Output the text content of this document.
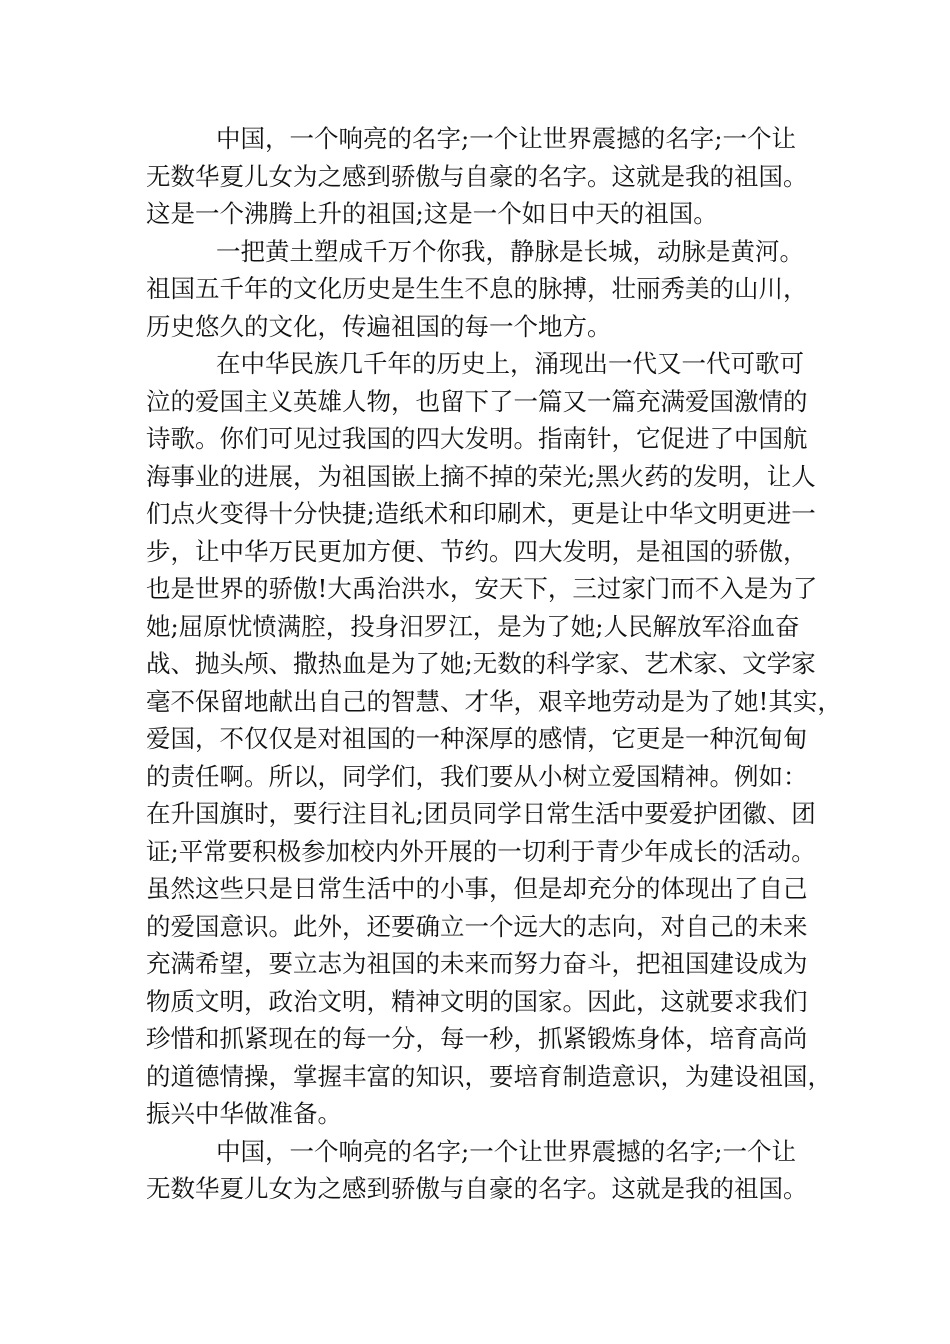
中国，一个响亮的名字;一个让世界震撼的名字;一个让
无数华夏儿女为之感到骄傲与自豪的名字。这就是我的祖国。
这是一个沸腾上升的祖国;这是一个如日中天的祖国。
一把黄土塑成千万个你我，静脉是长城，动脉是黄河。
祖国五千年的文化历史是生生不息的脉搏，壮丽秀美的山川，
历史悠久的文化，传遍祖国的每一个地方。
在中华民族几千年的历史上，涌现出一代又一代可歌可
泣的爱国主义英雄人物，也留下了一篇又一篇充满爱国激情的
诗歌。你们可见过我国的四大发明。指南针，它促进了中国航
海事业的进展，为祖国嵌上摘不掉的荣光;黑火药的发明，让人
们点火变得十分快捷;造纸术和印刷术，更是让中华文明更进一
步，让中华万民更加方便、节约。四大发明，是祖国的骄傲，
也是世界的骄傲!大禹治洪水，安天下，三过家门而不入是为了
她;屈原忧愤满腔，投身汨罗江，是为了她;人民解放军浴血奋
战、抛头颅、撒热血是为了她;无数的科学家、艺术家、文学家
毫不保留地献出自己的智慧、才华，艰辛地劳动是为了她!其实，
爱国，不仅仅是对祖国的一种深厚的感情，它更是一种沉甸甸
的责任啊。所以，同学们，我们要从小树立爱国精神。例如：
在升国旗时，要行注目礼;团员同学日常生活中要爱护团徽、团
证;平常要积极参加校内外开展的一切利于青少年成长的活动。
虽然这些只是日常生活中的小事，但是却充分的体现出了自己
的爱国意识。此外，还要确立一个远大的志向，对自己的未来
充满希望，要立志为祖国的未来而努力奋斗，把祖国建设成为
物质文明，政治文明，精神文明的国家。因此，这就要求我们
珍惜和抓紧现在的每一分，每一秒，抓紧锻炼身体，培育高尚
的道德情操，掌握丰富的知识，要培育制造意识，为建设祖国，
振兴中华做准备。
中国，一个响亮的名字;一个让世界震撼的名字;一个让
无数华夏儿女为之感到骄傲与自豪的名字。这就是我的祖国。
